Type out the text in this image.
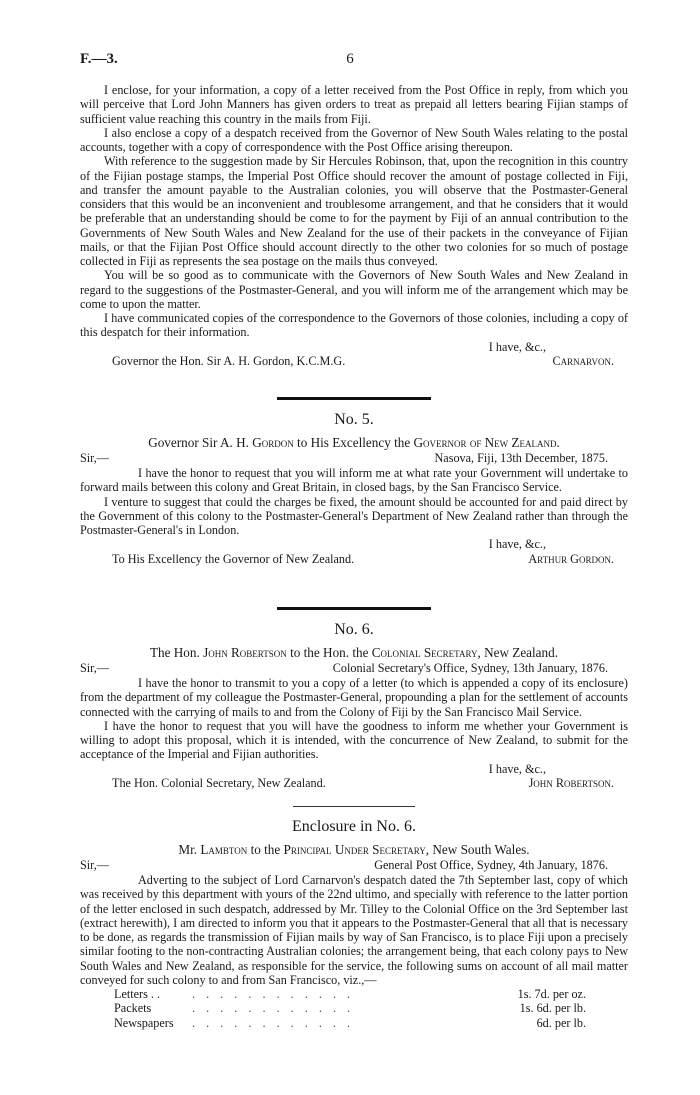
F.—3.	6

I enclose, for your information, a copy of a letter received from the Post Office in reply, from which you will perceive that Lord John Manners has given orders to treat as prepaid all letters bearing Fijian stamps of sufficient value reaching this country in the mails from Fiji.

I also enclose a copy of a despatch received from the Governor of New South Wales relating to the postal accounts, together with a copy of correspondence with the Post Office arising thereupon.

With reference to the suggestion made by Sir Hercules Robinson, that, upon the recognition in this country of the Fijian postage stamps, the Imperial Post Office should recover the amount of postage collected in Fiji, and transfer the amount payable to the Australian colonies, you will observe that the Postmaster-General considers that this would be an inconvenient and troublesome arrangement, and that he considers that it would be preferable that an understanding should be come to for the payment by Fiji of an annual contribution to the Governments of New South Wales and New Zealand for the use of their packets in the conveyance of Fijian mails, or that the Fijian Post Office should account directly to the other two colonies for so much of postage collected in Fiji as represents the sea postage on the mails thus conveyed.

You will be so good as to communicate with the Governors of New South Wales and New Zealand in regard to the suggestions of the Postmaster-General, and you will inform me of the arrangement which may be come to upon the matter.

I have communicated copies of the correspondence to the Governors of those colonies, including a copy of this despatch for their information.

I have, &c.,
Governor the Hon. Sir A. H. Gordon, K.C.M.G.	Carnarvon.
No. 5.
Governor Sir A. H. Gordon to His Excellency the Governor of New Zealand.
Sir,—	Nasova, Fiji, 13th December, 1875.

I have the honor to request that you will inform me at what rate your Government will undertake to forward mails between this colony and Great Britain, in closed bags, by the San Francisco Service.

I venture to suggest that could the charges be fixed, the amount should be accounted for and paid direct by the Government of this colony to the Postmaster-General's Department of New Zealand rather than through the Postmaster-General's in London.

I have, &c.,
To His Excellency the Governor of New Zealand.	Arthur Gordon.
No. 6.
The Hon. John Robertson to the Hon. the Colonial Secretary, New Zealand.
Sir,—	Colonial Secretary's Office, Sydney, 13th January, 1876.

I have the honor to transmit to you a copy of a letter (to which is appended a copy of its enclosure) from the department of my colleague the Postmaster-General, propounding a plan for the settlement of accounts connected with the carrying of mails to and from the Colony of Fiji by the San Francisco Mail Service.

I have the honor to request that you will have the goodness to inform me whether your Government is willing to adopt this proposal, which it is intended, with the concurrence of New Zealand, to submit for the acceptance of the Imperial and Fijian authorities.

I have, &c.,
The Hon. Colonial Secretary, New Zealand.	John Robertson.
Enclosure in No. 6.
Mr. Lambton to the Principal Under Secretary, New South Wales.
Sir,—	General Post Office, Sydney, 4th January, 1876.

Adverting to the subject of Lord Carnarvon's despatch dated the 7th September last, copy of which was received by this department with yours of the 22nd ultimo, and specially with reference to the latter portion of the letter enclosed in such despatch, addressed by Mr. Tilley to the Colonial Office on the 3rd September last (extract herewith), I am directed to inform you that it appears to the Postmaster-General that all that is necessary to be done, as regards the transmission of Fijian mails by way of San Francisco, is to place Fiji upon a precisely similar footing to the non-contracting Australian colonies; the arrangement being, that each colony pays to New South Wales and New Zealand, as responsible for the service, the following sums on account of all mail matter conveyed for such colony to and from San Francisco, viz.,—

Letters . .	. . . . . . . . . . . .	1s. 7d. per oz.
Packets	. . . . . . . . . . . .	1s. 6d. per lb.
Newspapers . . . . . . . . . . . .	6d. per lb.
